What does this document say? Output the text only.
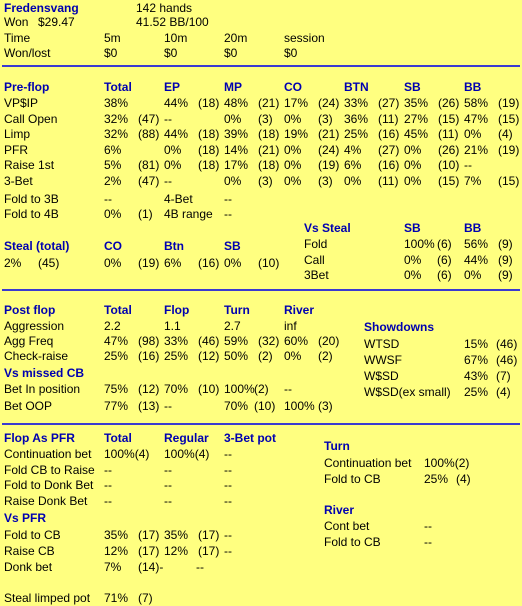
Fredensvang	142 hands
Won $29.47	41.52 BB/100
Time	5m	10m	20m	session
Won/lost	$0	$0	$0	$0
Pre-flop	Total	EP	MP	CO	BTN	SB	BB
VP$IP	38%	44% (18) 48% (21) 17% (24) 33% (27) 35% (26) 58% (19)
Call Open	32% (47) --	0% (3) 0% (3) 36% (11) 27% (15) 47% (15)
Limp	32% (88) 44% (18) 39% (18) 19% (21) 25% (16) 45% (11) 0% (4)
PFR	6%	0% (18) 14% (21) 0% (24) 4% (27) 0% (26) 21% (19)
Raise 1st	5% (81) 0% (18) 17% (18) 0% (19) 6% (16) 0% (10) --
3-Bet	2% (47) --	0% (3) 0% (3) 0% (11) 0% (15) 7% (15)
Fold to 3B	--	4-Bet	--
Fold to 4B	0% (1) 4B range --
Vs Steal	SB	BB
Fold	100% (6) 56% (9)
Call	0% (6) 44% (9)
3Bet	0% (6) 0% (9)
Steal (total)	CO	Btn	SB
2% (45)	0% (19) 6% (16) 0% (10)
Post flop	Total	Flop	Turn	River
Aggression	2.2	1.1	2.7	inf
Agg Freq	47% (98) 33% (46) 59% (32) 60% (20)
Check-raise	25% (16) 25% (12) 50% (2) 0% (2)
Vs missed CB
Bet In position 75% (12) 70% (10) 100% (2) --
Bet OOP	77% (13) --	70% (10) 100% (3)
Showdowns
WTSD	15% (46)
WWSF	67% (46)
W$SD	43% (7)
W$SD(ex small) 25% (4)
Flop As PFR Total	Regular 3-Bet pot
Continuation bet 100%(4) 100%(4) --
Fold CB to Raise --	--	--
Fold to Donk Bet --	--	--
Raise Donk Bet --	--	--
Vs PFR
Fold to CB	35% (17) 35% (17) --
Raise CB	12% (17) 12% (17) --
Donk bet	7% (14)-	--
Turn
Continuation bet 100%(2)
Fold to CB	25% (4)
River
Cont bet	--
Fold to CB	--
Steal limped pot 71% (7)
